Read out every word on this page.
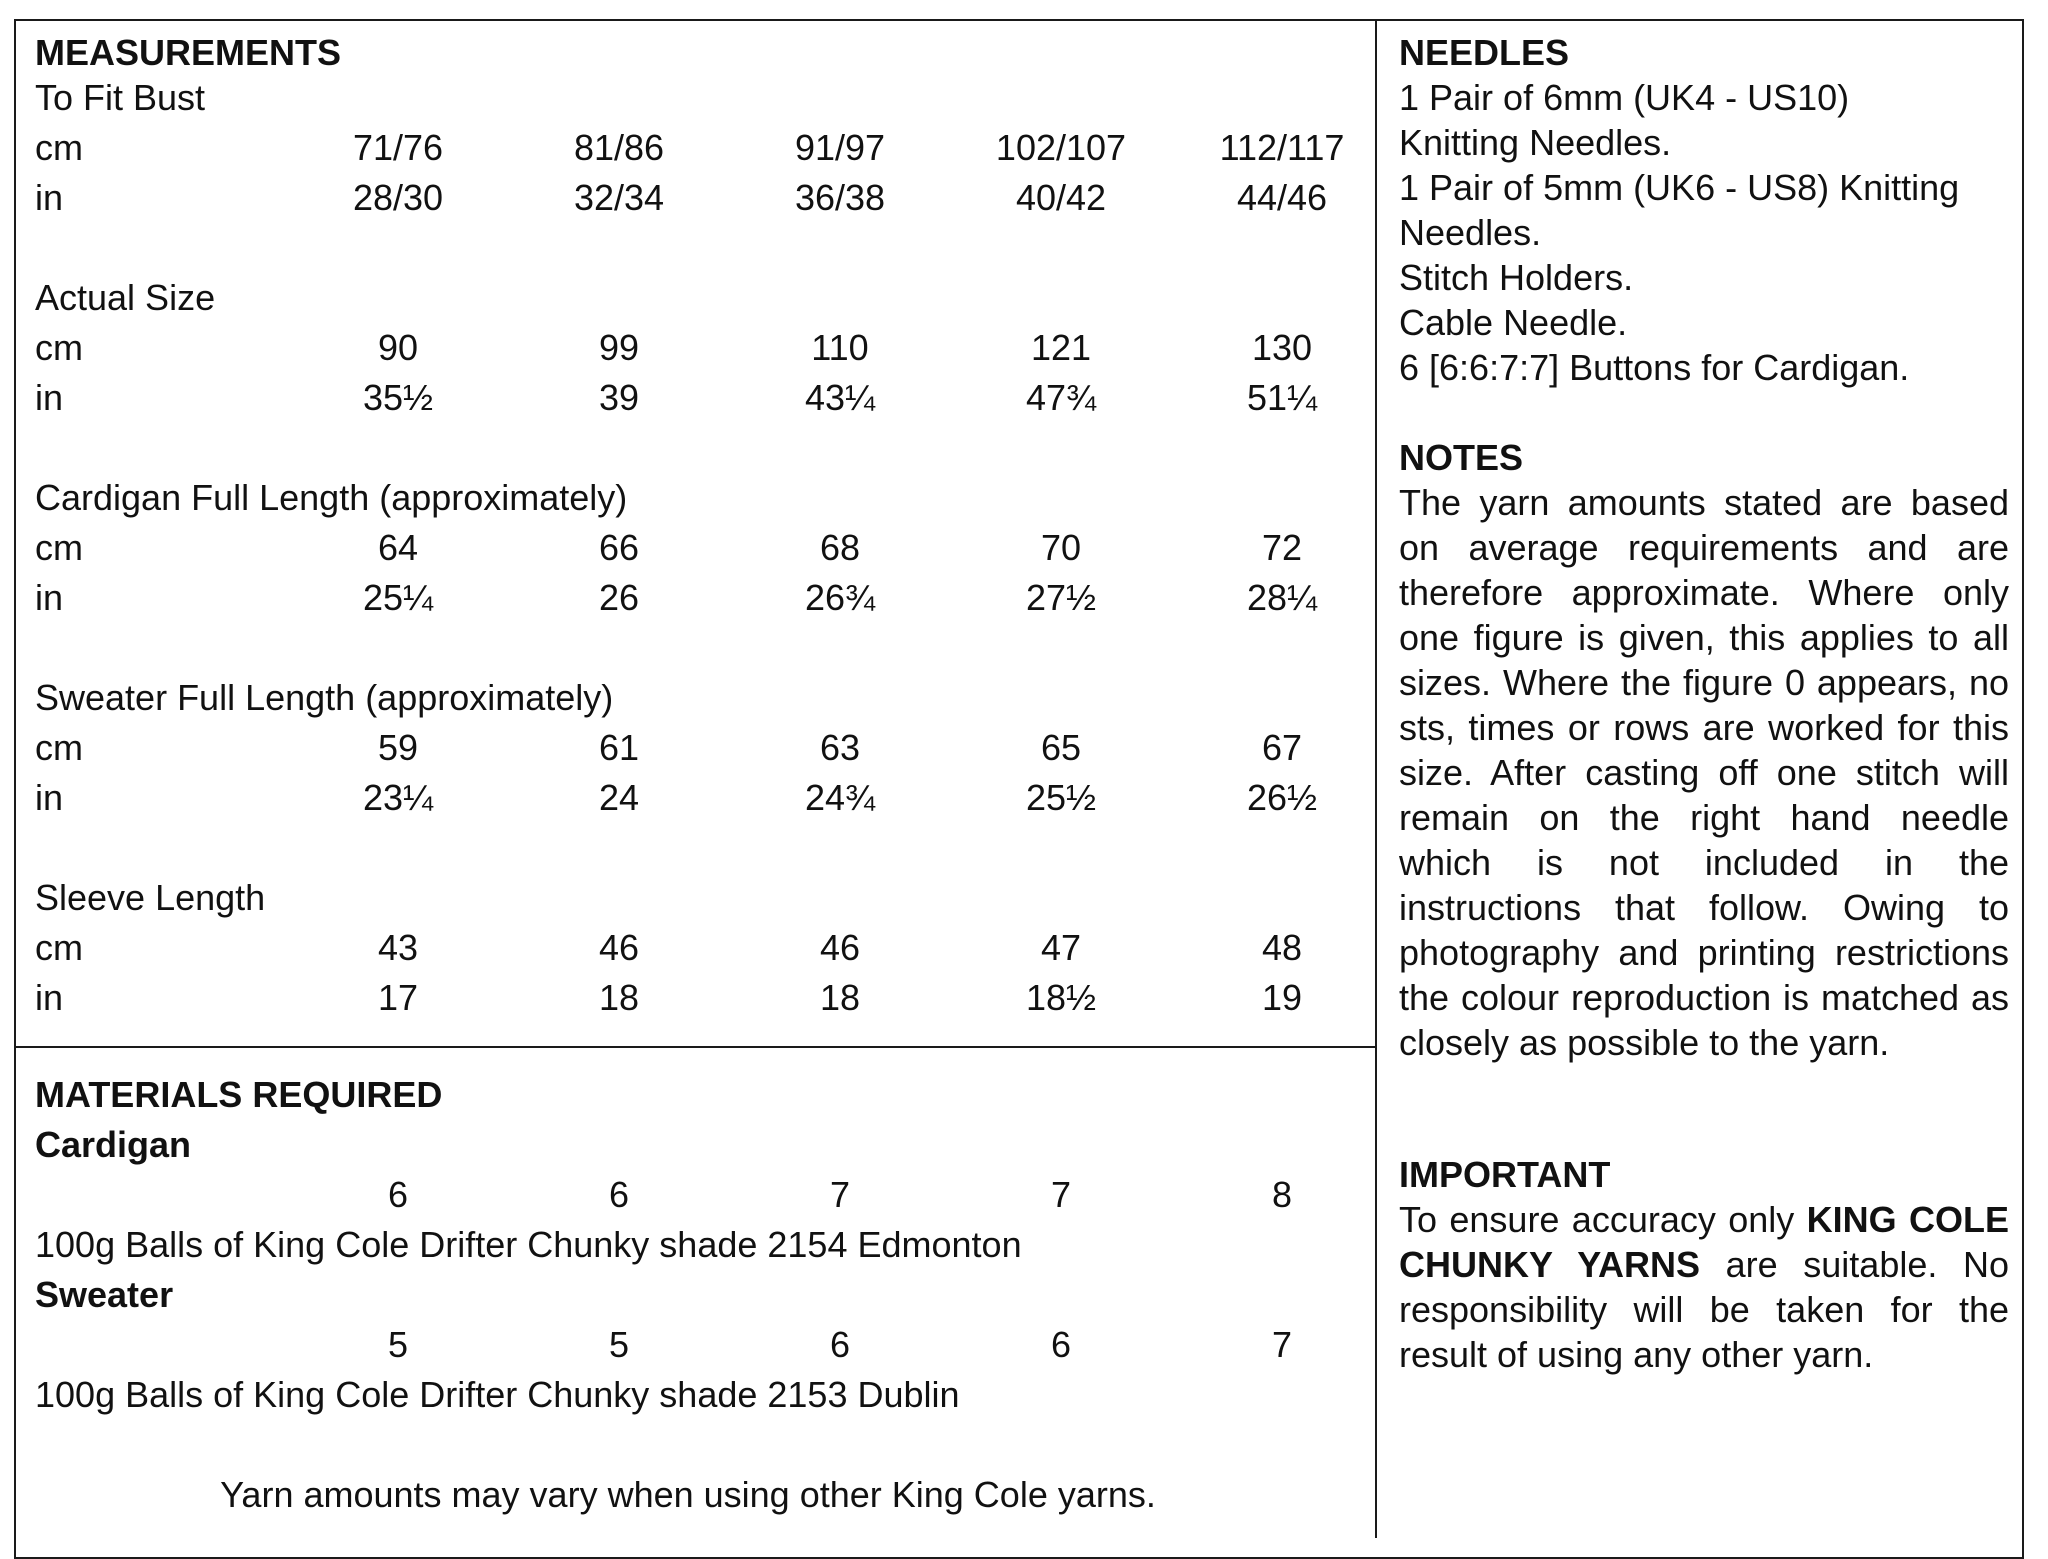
MEASUREMENTS
To Fit Bust
cm	71/76	81/86	91/97	102/107	112/117
in	28/30	32/34	36/38	40/42	44/46
Actual Size
cm	90	99	110	121	130
in	35½	39	43¼	47¾	51¼
Cardigan Full Length (approximately)
cm	64	66	68	70	72
in	25¼	26	26¾	27½	28¼
Sweater Full Length (approximately)
cm	59	61	63	65	67
in	23¼	24	24¾	25½	26½
Sleeve Length
cm	43	46	46	47	48
in	17	18	18	18½	19
MATERIALS REQUIRED
Cardigan
6	6	7	7	8
100g Balls of King Cole Drifter Chunky shade 2154 Edmonton
Sweater
5	5	6	6	7
100g Balls of King Cole Drifter Chunky shade 2153 Dublin
Yarn amounts may vary when using other King Cole yarns.
NEEDLES
1 Pair of 6mm (UK4 - US10)
Knitting Needles.
1 Pair of 5mm (UK6 - US8) Knitting
Needles.
Stitch Holders.
Cable Needle.
6 [6:6:7:7] Buttons for Cardigan.
NOTES
The yarn amounts stated are based on average requirements and are therefore approximate. Where only one figure is given, this applies to all sizes. Where the figure 0 appears, no sts, times or rows are worked for this size. After casting off one stitch will remain on the right hand needle which is not included in the instructions that follow. Owing to photography and printing restrictions the colour reproduction is matched as closely as possible to the yarn.
IMPORTANT
To ensure accuracy only KING COLE CHUNKY YARNS are suitable. No responsibility will be taken for the result of using any other yarn.
